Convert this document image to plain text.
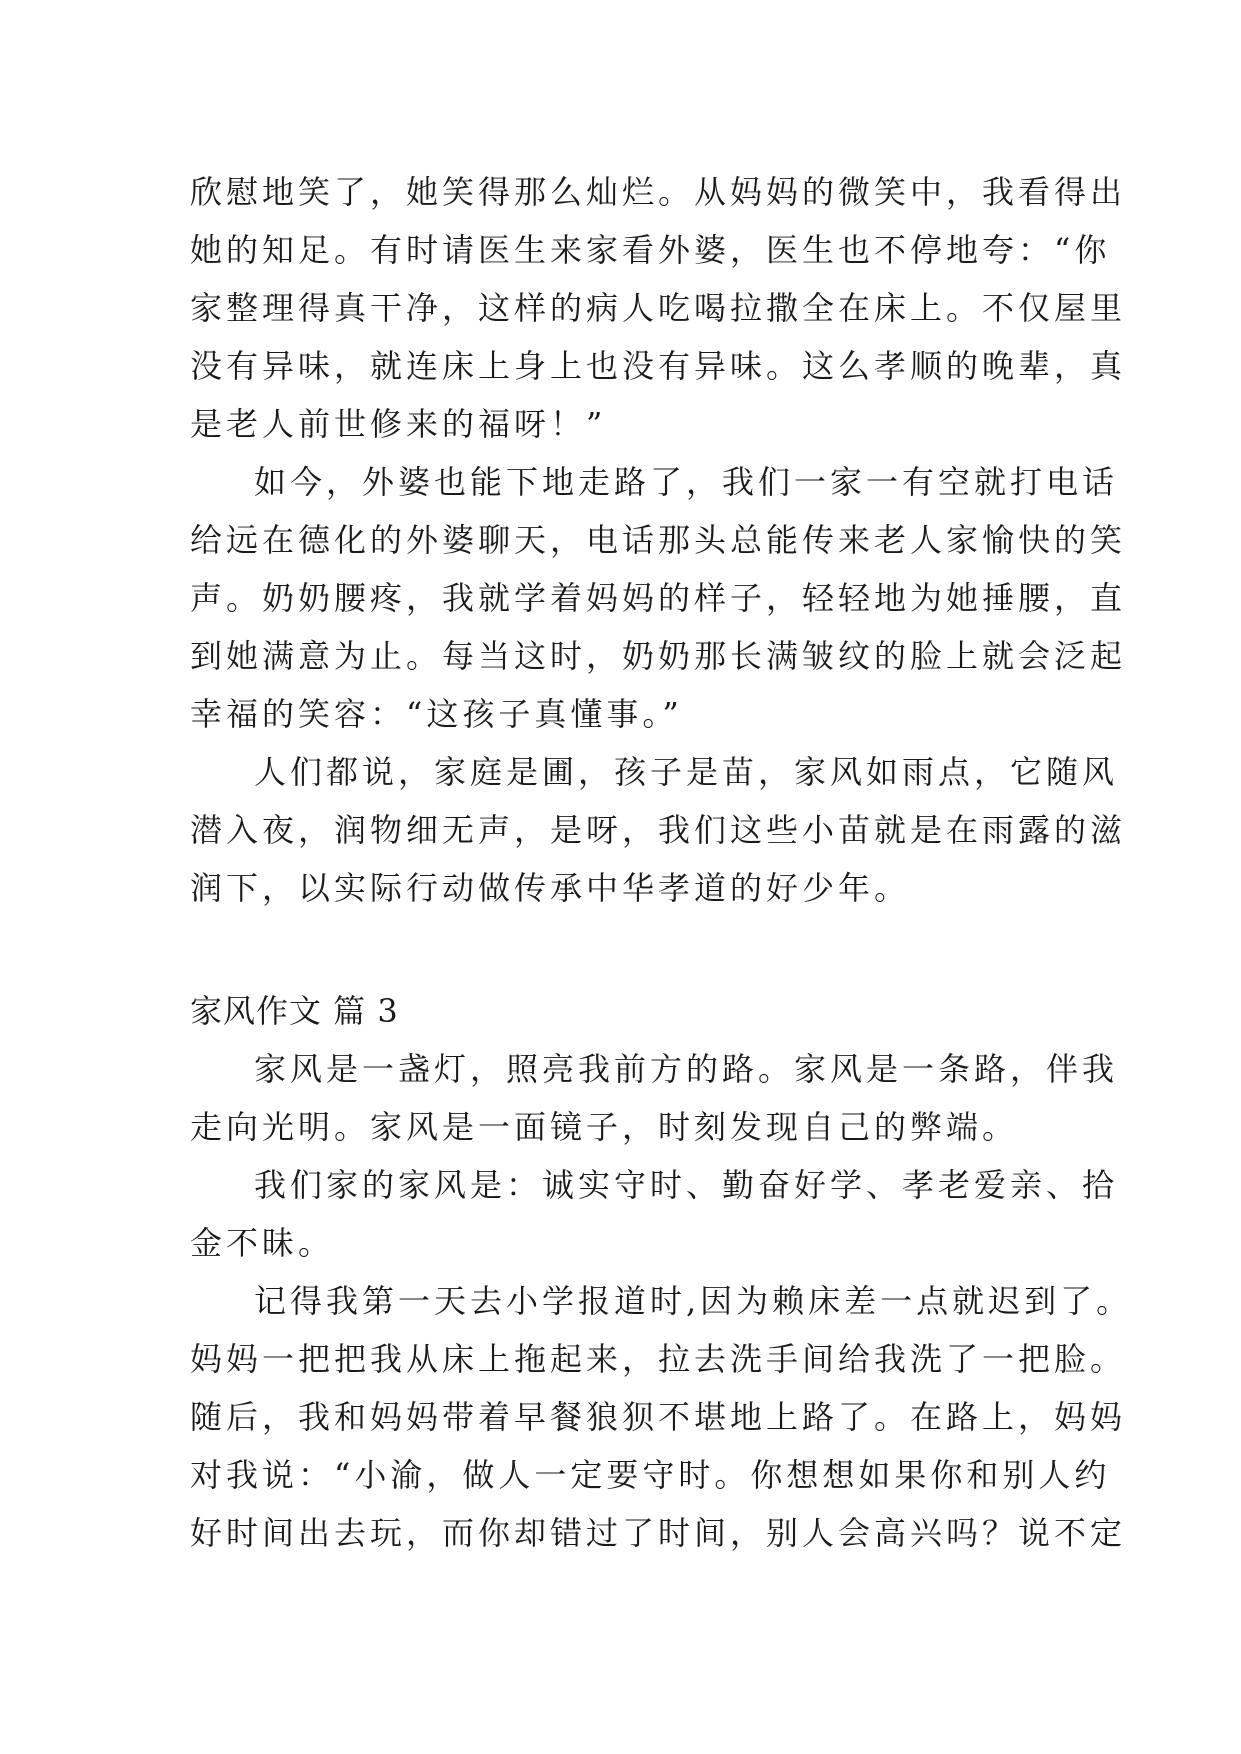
欣慰地笑了，她笑得那么灿烂。从妈妈的微笑中，我看得出
她的知足。有时请医生来家看外婆，医生也不停地夸：“你
家整理得真干净，这样的病人吃喝拉撒全在床上。不仅屋里
没有异味，就连床上身上也没有异味。这么孝顺的晚辈，真
是老人前世修来的福呀！”
如今，外婆也能下地走路了，我们一家一有空就打电话
给远在德化的外婆聊天，电话那头总能传来老人家愉快的笑
声。奶奶腰疼，我就学着妈妈的样子，轻轻地为她捶腰，直
到她满意为止。每当这时，奶奶那长满皱纹的脸上就会泛起
幸福的笑容：“这孩子真懂事。”
人们都说，家庭是圃，孩子是苗，家风如雨点，它随风
潜入夜，润物细无声，是呀，我们这些小苗就是在雨露的滋
润下，以实际行动做传承中华孝道的好少年。
家风作文 篇 3
家风是一盏灯，照亮我前方的路。家风是一条路，伴我
走向光明。家风是一面镜子，时刻发现自己的弊端。
我们家的家风是：诚实守时、勤奋好学、孝老爱亲、拾
金不昧。
记得我第一天去小学报道时,因为赖床差一点就迟到了。
妈妈一把把我从床上拖起来，拉去洗手间给我洗了一把脸。
随后，我和妈妈带着早餐狼狈不堪地上路了。在路上，妈妈
对我说：“小渝，做人一定要守时。你想想如果你和别人约
好时间出去玩，而你却错过了时间，别人会高兴吗？说不定
